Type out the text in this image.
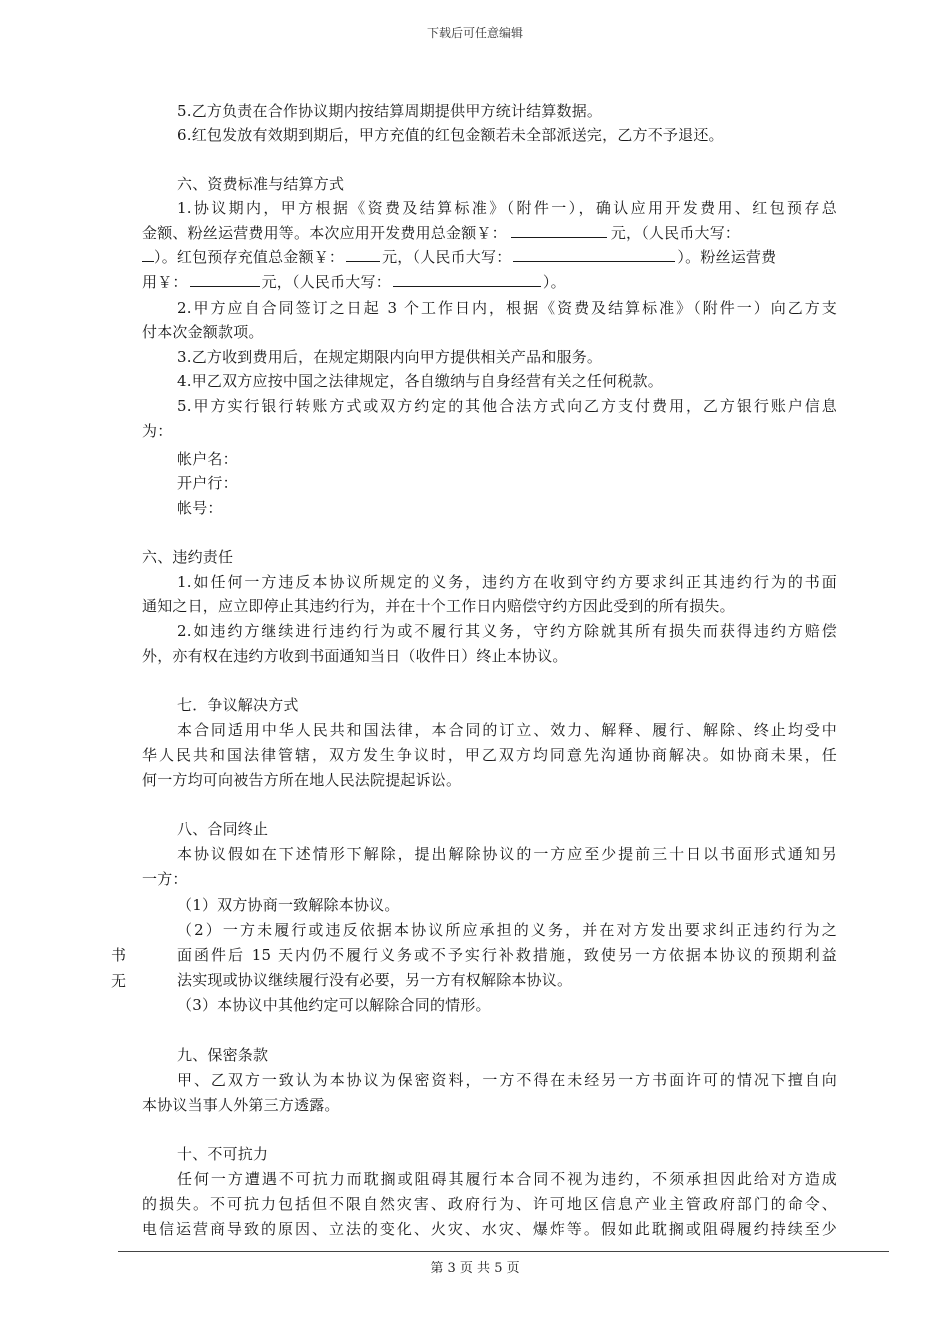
下载后可任意编辑
5.乙方负责在合作协议期内按结算周期提供甲方统计结算数据。
6.红包发放有效期到期后，甲方充值的红包金额若未全部派送完，乙方不予退还。
六、资费标准与结算方式
1.协议期内，甲方根据《资费及结算标准》（附件一），确认应用开发费用、红包预存总
金额、粉丝运营费用等。本次应用开发费用总金额￥：	元，（人民币大写：
）。红包预存充值总金额￥：	元，（人民币大写：	）。粉丝运营费
用￥：	元，（人民币大写：	）。
2.甲方应自合同签订之日起 3 个工作日内，根据《资费及结算标准》（附件一）向乙方支
付本次金额款项。
3.乙方收到费用后，在规定期限内向甲方提供相关产品和服务。
4.甲乙双方应按中国之法律规定，各自缴纳与自身经营有关之任何税款。
5.甲方实行银行转账方式或双方约定的其他合法方式向乙方支付费用，乙方银行账户信息
为：
帐户名：
开户行：
帐号：
六、违约责任
1.如任何一方违反本协议所规定的义务，违约方在收到守约方要求纠正其违约行为的书面
通知之日，应立即停止其违约行为，并在十个工作日内赔偿守约方因此受到的所有损失。
2.如违约方继续进行违约行为或不履行其义务，守约方除就其所有损失而获得违约方赔偿
外，亦有权在违约方收到书面通知当日（收件日）终止本协议。
七．争议解决方式
本合同适用中华人民共和国法律，本合同的订立、效力、解释、履行、解除、终止均受中
华人民共和国法律管辖，双方发生争议时，甲乙双方均同意先沟通协商解决。如协商未果，任
何一方均可向被告方所在地人民法院提起诉讼。
八、合同终止
本协议假如在下述情形下解除，提出解除协议的一方应至少提前三十日以书面形式通知另
一方：
（1）双方协商一致解除本协议。
（2）一方未履行或违反依据本协议所应承担的义务，并在对方发出要求纠正违约行为之
面函件后 15 天内仍不履行义务或不予实行补救措施，致使另一方依据本协议的预期利益
书
法实现或协议继续履行没有必要，另一方有权解除本协议。
无
（3）本协议中其他约定可以解除合同的情形。
九、保密条款
甲、乙双方一致认为本协议为保密资料，一方不得在未经另一方书面许可的情况下擅自向
本协议当事人外第三方透露。
十、不可抗力
任何一方遭遇不可抗力而耽搁或阻碍其履行本合同不视为违约，不须承担因此给对方造成
的损失。不可抗力包括但不限自然灾害、政府行为、许可地区信息产业主管政府部门的命令、
电信运营商导致的原因、立法的变化、火灾、水灾、爆炸等。假如此耽搁或阻碍履约持续至少
第 3 页 共 5 页
